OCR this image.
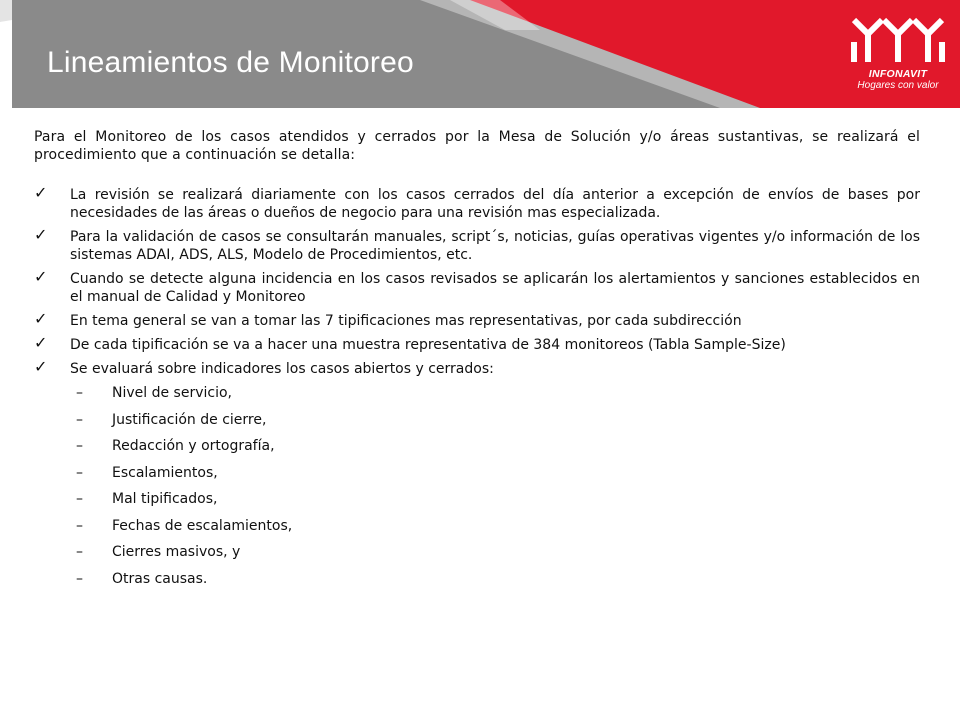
Lineamientos de Monitoreo	INFONAVIT
Hogares con valor

Para el Monitoreo de los casos atendidos y cerrados por la Mesa de Solución y/o áreas sustantivas, se realizará el procedimiento que a continuación se detalla:

✓ La revisión se realizará diariamente con los casos cerrados del día anterior a excepción de envíos de bases por necesidades de las áreas o dueños de negocio para una revisión mas especializada.
✓ Para la validación de casos se consultarán manuales, script´s, noticias, guías operativas vigentes y/o información de los sistemas ADAI, ADS, ALS, Modelo de Procedimientos, etc.
✓ Cuando se detecte alguna incidencia en los casos revisados se aplicarán los alertamientos y sanciones establecidos en el manual de Calidad y Monitoreo
✓ En tema general se van a tomar las 7 tipificaciones mas representativas, por cada subdirección
✓ De cada tipificación se va a hacer una muestra representativa de 384 monitoreos (Tabla Sample-Size)
✓ Se evaluará sobre indicadores los casos abiertos y cerrados:
– Nivel de servicio,
– Justificación de cierre,
– Redacción y ortografía,
– Escalamientos,
– Mal tipificados,
– Fechas de escalamientos,
– Cierres masivos, y
– Otras causas.
